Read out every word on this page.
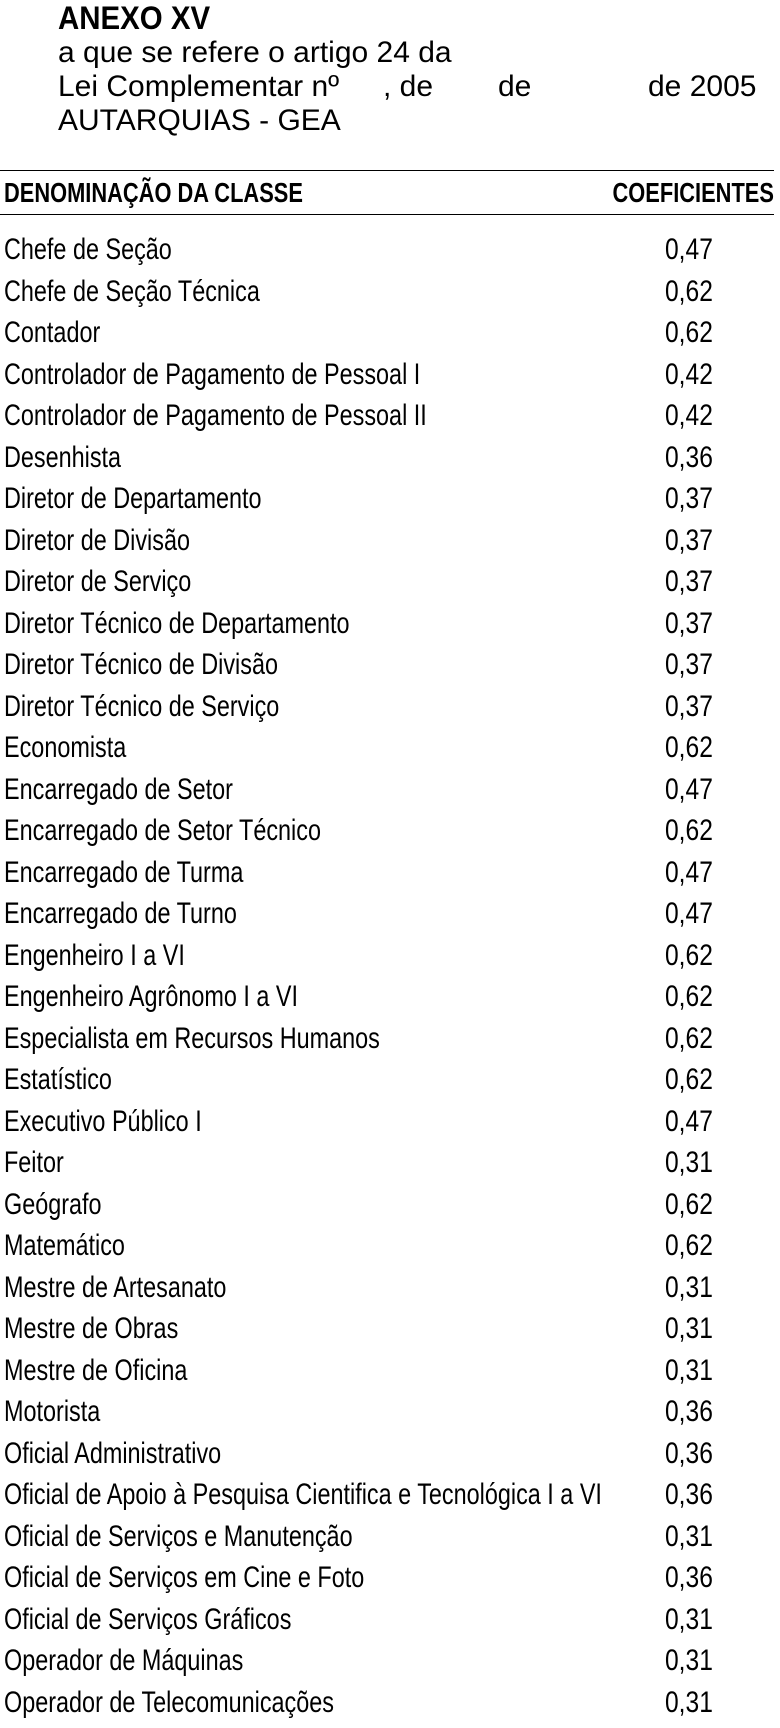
ANEXO XV
a que se refere o artigo 24 da
Lei Complementar nº , de de	de 2005
AUTARQUIAS - GEA
DENOMINAÇÃO DA CLASSE	COEFICIENTES
Chefe de Seção	0,47
Chefe de Seção Técnica	0,62
Contador	0,62
Controlador de Pagamento de Pessoal I	0,42
Controlador de Pagamento de Pessoal II	0,42
Desenhista	0,36
Diretor de Departamento	0,37
Diretor de Divisão	0,37
Diretor de Serviço	0,37
Diretor Técnico de Departamento	0,37
Diretor Técnico de Divisão	0,37
Diretor Técnico de Serviço	0,37
Economista	0,62
Encarregado de Setor	0,47
Encarregado de Setor Técnico	0,62
Encarregado de Turma	0,47
Encarregado de Turno	0,47
Engenheiro I a VI	0,62
Engenheiro Agrônomo I a VI	0,62
Especialista em Recursos Humanos	0,62
Estatístico	0,62
Executivo Público I	0,47
Feitor	0,31
Geógrafo	0,62
Matemático	0,62
Mestre de Artesanato	0,31
Mestre de Obras	0,31
Mestre de Oficina	0,31
Motorista	0,36
Oficial Administrativo	0,36
Oficial de Apoio à Pesquisa Cientifica e Tecnológica I a VI 0,36
Oficial de Serviços e Manutenção	0,31
Oficial de Serviços em Cine e Foto	0,36
Oficial de Serviços Gráficos	0,31
Operador de Máquinas	0,31
Operador de Telecomunicações	0,31
